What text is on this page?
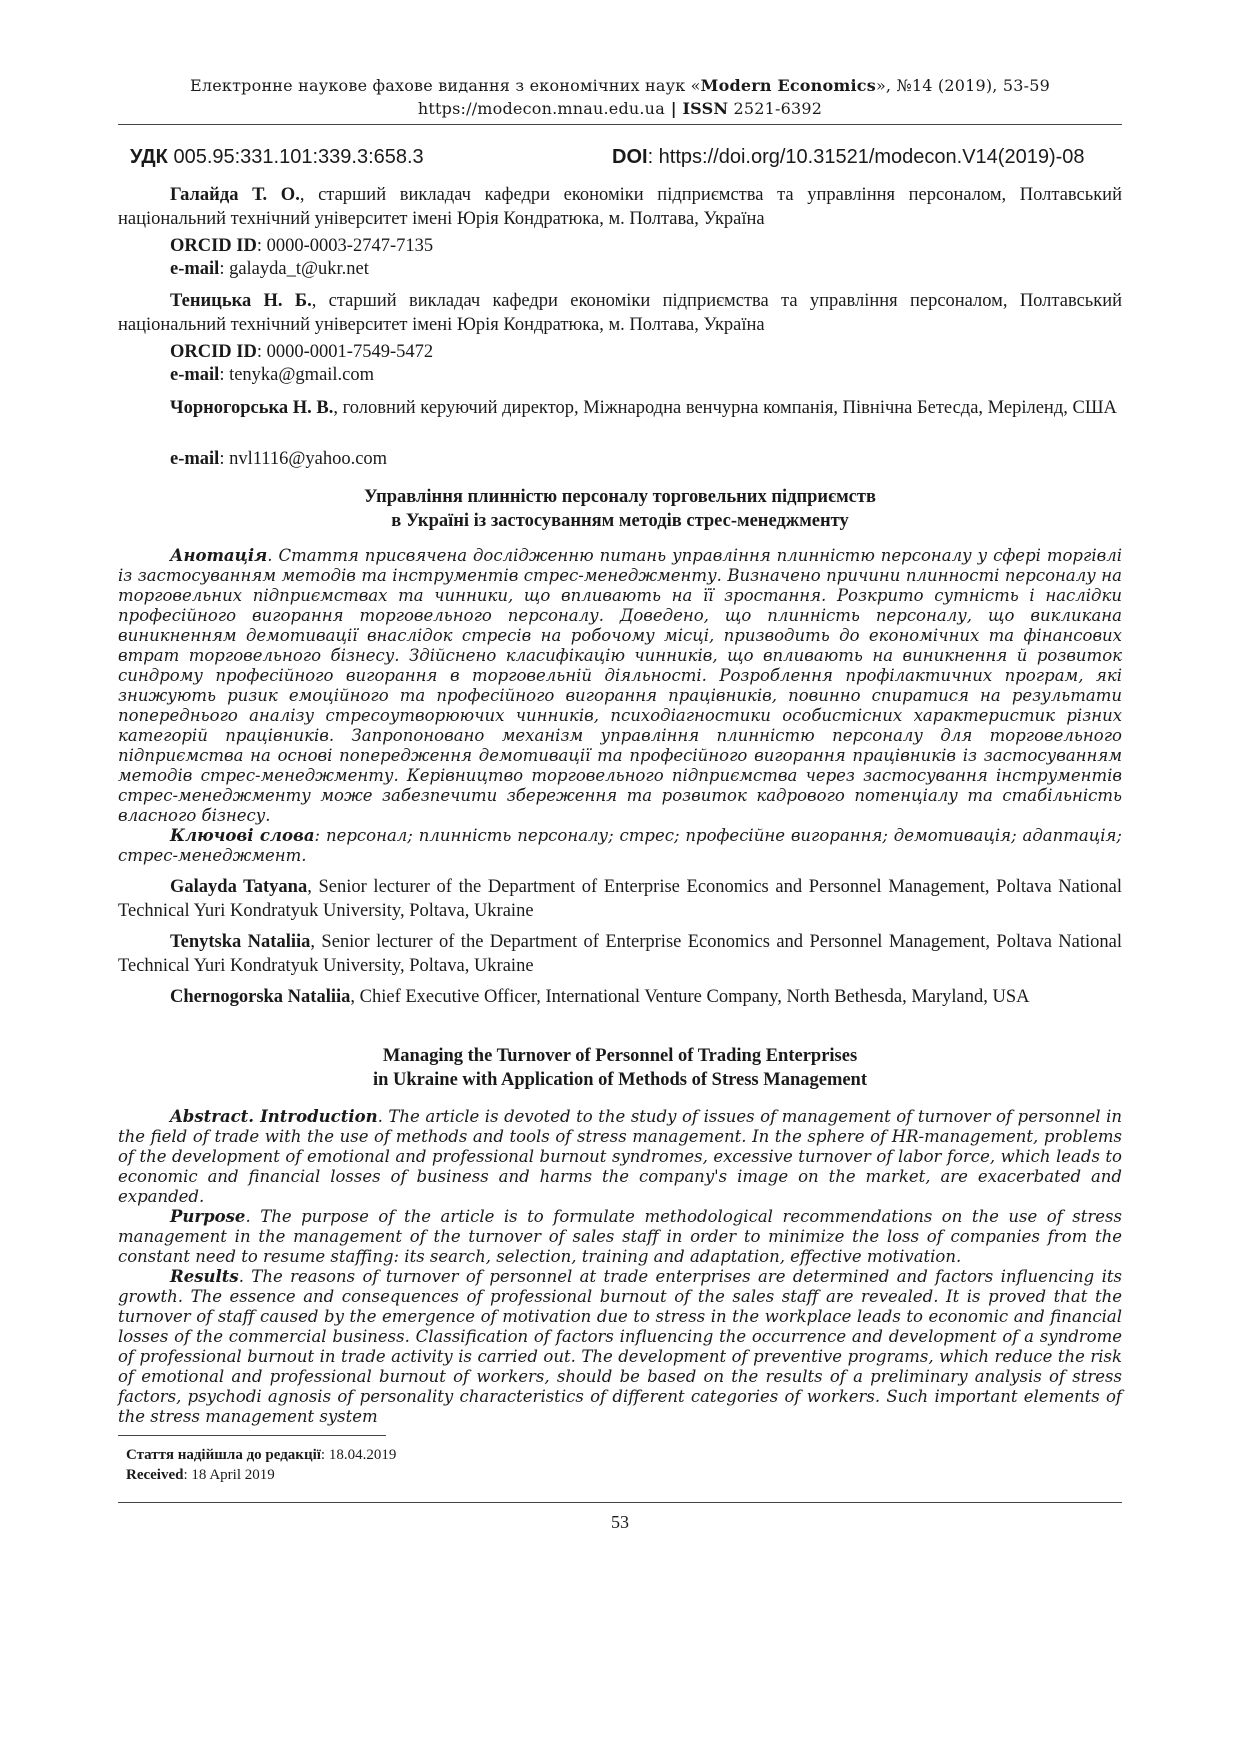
Електронне наукове фахове видання з економічних наук «Modern Economics», №14 (2019), 53-59
https://modecon.mnau.edu.ua | ISSN 2521-6392
УДК 005.95:331.101:339.3:658.3	DOI: https://doi.org/10.31521/modecon.V14(2019)-08
Галайда Т. О., старший викладач кафедри економіки підприємства та управління персоналом, Полтавський національний технічний університет імені Юрія Кондратюка, м. Полтава, Україна
ORCID ID: 0000-0003-2747-7135
e-mail: galayda_t@ukr.net
Теницька Н. Б., старший викладач кафедри економіки підприємства та управління персоналом, Полтавський національний технічний університет імені Юрія Кондратюка, м. Полтава, Україна
ORCID ID: 0000-0001-7549-5472
e-mail: tenyka@gmail.com
Чорногорська Н. В., головний керуючий директор, Міжнародна венчурна компанія, Північна Бетесда, Меріленд, США
e-mail: nvl1116@yahoo.com
Управління плинністю персоналу торговельних підприємств
в Україні із застосуванням методів стрес-менеджменту

Анотація. Стаття присвячена дослідженню питань управління плинністю персоналу у сфері торгівлі із застосуванням методів та інструментів стрес-менеджменту. Визначено причини плинності персоналу на торговельних підприємствах та чинники, що впливають на її зростання. Розкрито сутність і наслідки професійного вигорання торговельного персоналу. Доведено, що плинність персоналу, що викликана виникненням демотивації внаслідок стресів на робочому місці, призводить до економічних та фінансових втрат торговельного бізнесу. Здійснено класифікацію чинників, що впливають на виникнення й розвиток синдрому професійного вигорання в торговельній діяльності. Розроблення профілактичних програм, які знижують ризик емоційного та професійного вигорання працівників, повинно спиратися на результати попереднього аналізу стресоутворюючих чинників, психодіагностики особистісних характеристик різних категорій працівників. Запропоновано механізм управління плинністю персоналу для торговельного підприємства на основі попередження демотивації та професійного вигорання працівників із застосуванням методів стрес-менеджменту. Керівництво торговельного підприємства через застосування інструментів стрес-менеджменту може забезпечити збереження та розвиток кадрового потенціалу та стабільність власного бізнесу.

Ключові слова: персонал; плинність персоналу; стрес; професійне вигорання; демотивація; адаптація; стрес-менеджмент.

Galayda Tatyana, Senior lecturer of the Department of Enterprise Economics and Personnel Management, Poltava National Technical Yuri Kondratyuk University, Poltava, Ukraine
Tenytska Nataliia, Senior lecturer of the Department of Enterprise Economics and Personnel Management, Poltava National Technical Yuri Kondratyuk University, Poltava, Ukraine
Chernogorska Nataliia, Chief Executive Officer, International Venture Company, North Bethesda, Maryland, USA
Managing the Turnover of Personnel of Trading Enterprises
in Ukraine with Application of Methods of Stress Management

Abstract. Introduction. The article is devoted to the study of issues of management of turnover of personnel in the field of trade with the use of methods and tools of stress management. In the sphere of HR-management, problems of the development of emotional and professional burnout syndromes, excessive turnover of labor force, which leads to economic and financial losses of business and harms the company's image on the market, are exacerbated and expanded.

Purpose. The purpose of the article is to formulate methodological recommendations on the use of stress management in the management of the turnover of sales staff in order to minimize the loss of companies from the constant need to resume staffing: its search, selection, training and adaptation, effective motivation.

Results. The reasons of turnover of personnel at trade enterprises are determined and factors influencing its growth. The essence and consequences of professional burnout of the sales staff are revealed. It is proved that the turnover of staff caused by the emergence of motivation due to stress in the workplace leads to economic and financial losses of the commercial business. Classification of factors influencing the occurrence and development of a syndrome of professional burnout in trade activity is carried out. The development of preventive programs, which reduce the risk of emotional and professional burnout of workers, should be based on the results of a preliminary analysis of stress factors, psychodi agnosis of personality characteristics of different categories of workers. Such important elements of the stress management system

Стаття надійшла до редакції: 18.04.2019
Received: 18 April 2019
53
